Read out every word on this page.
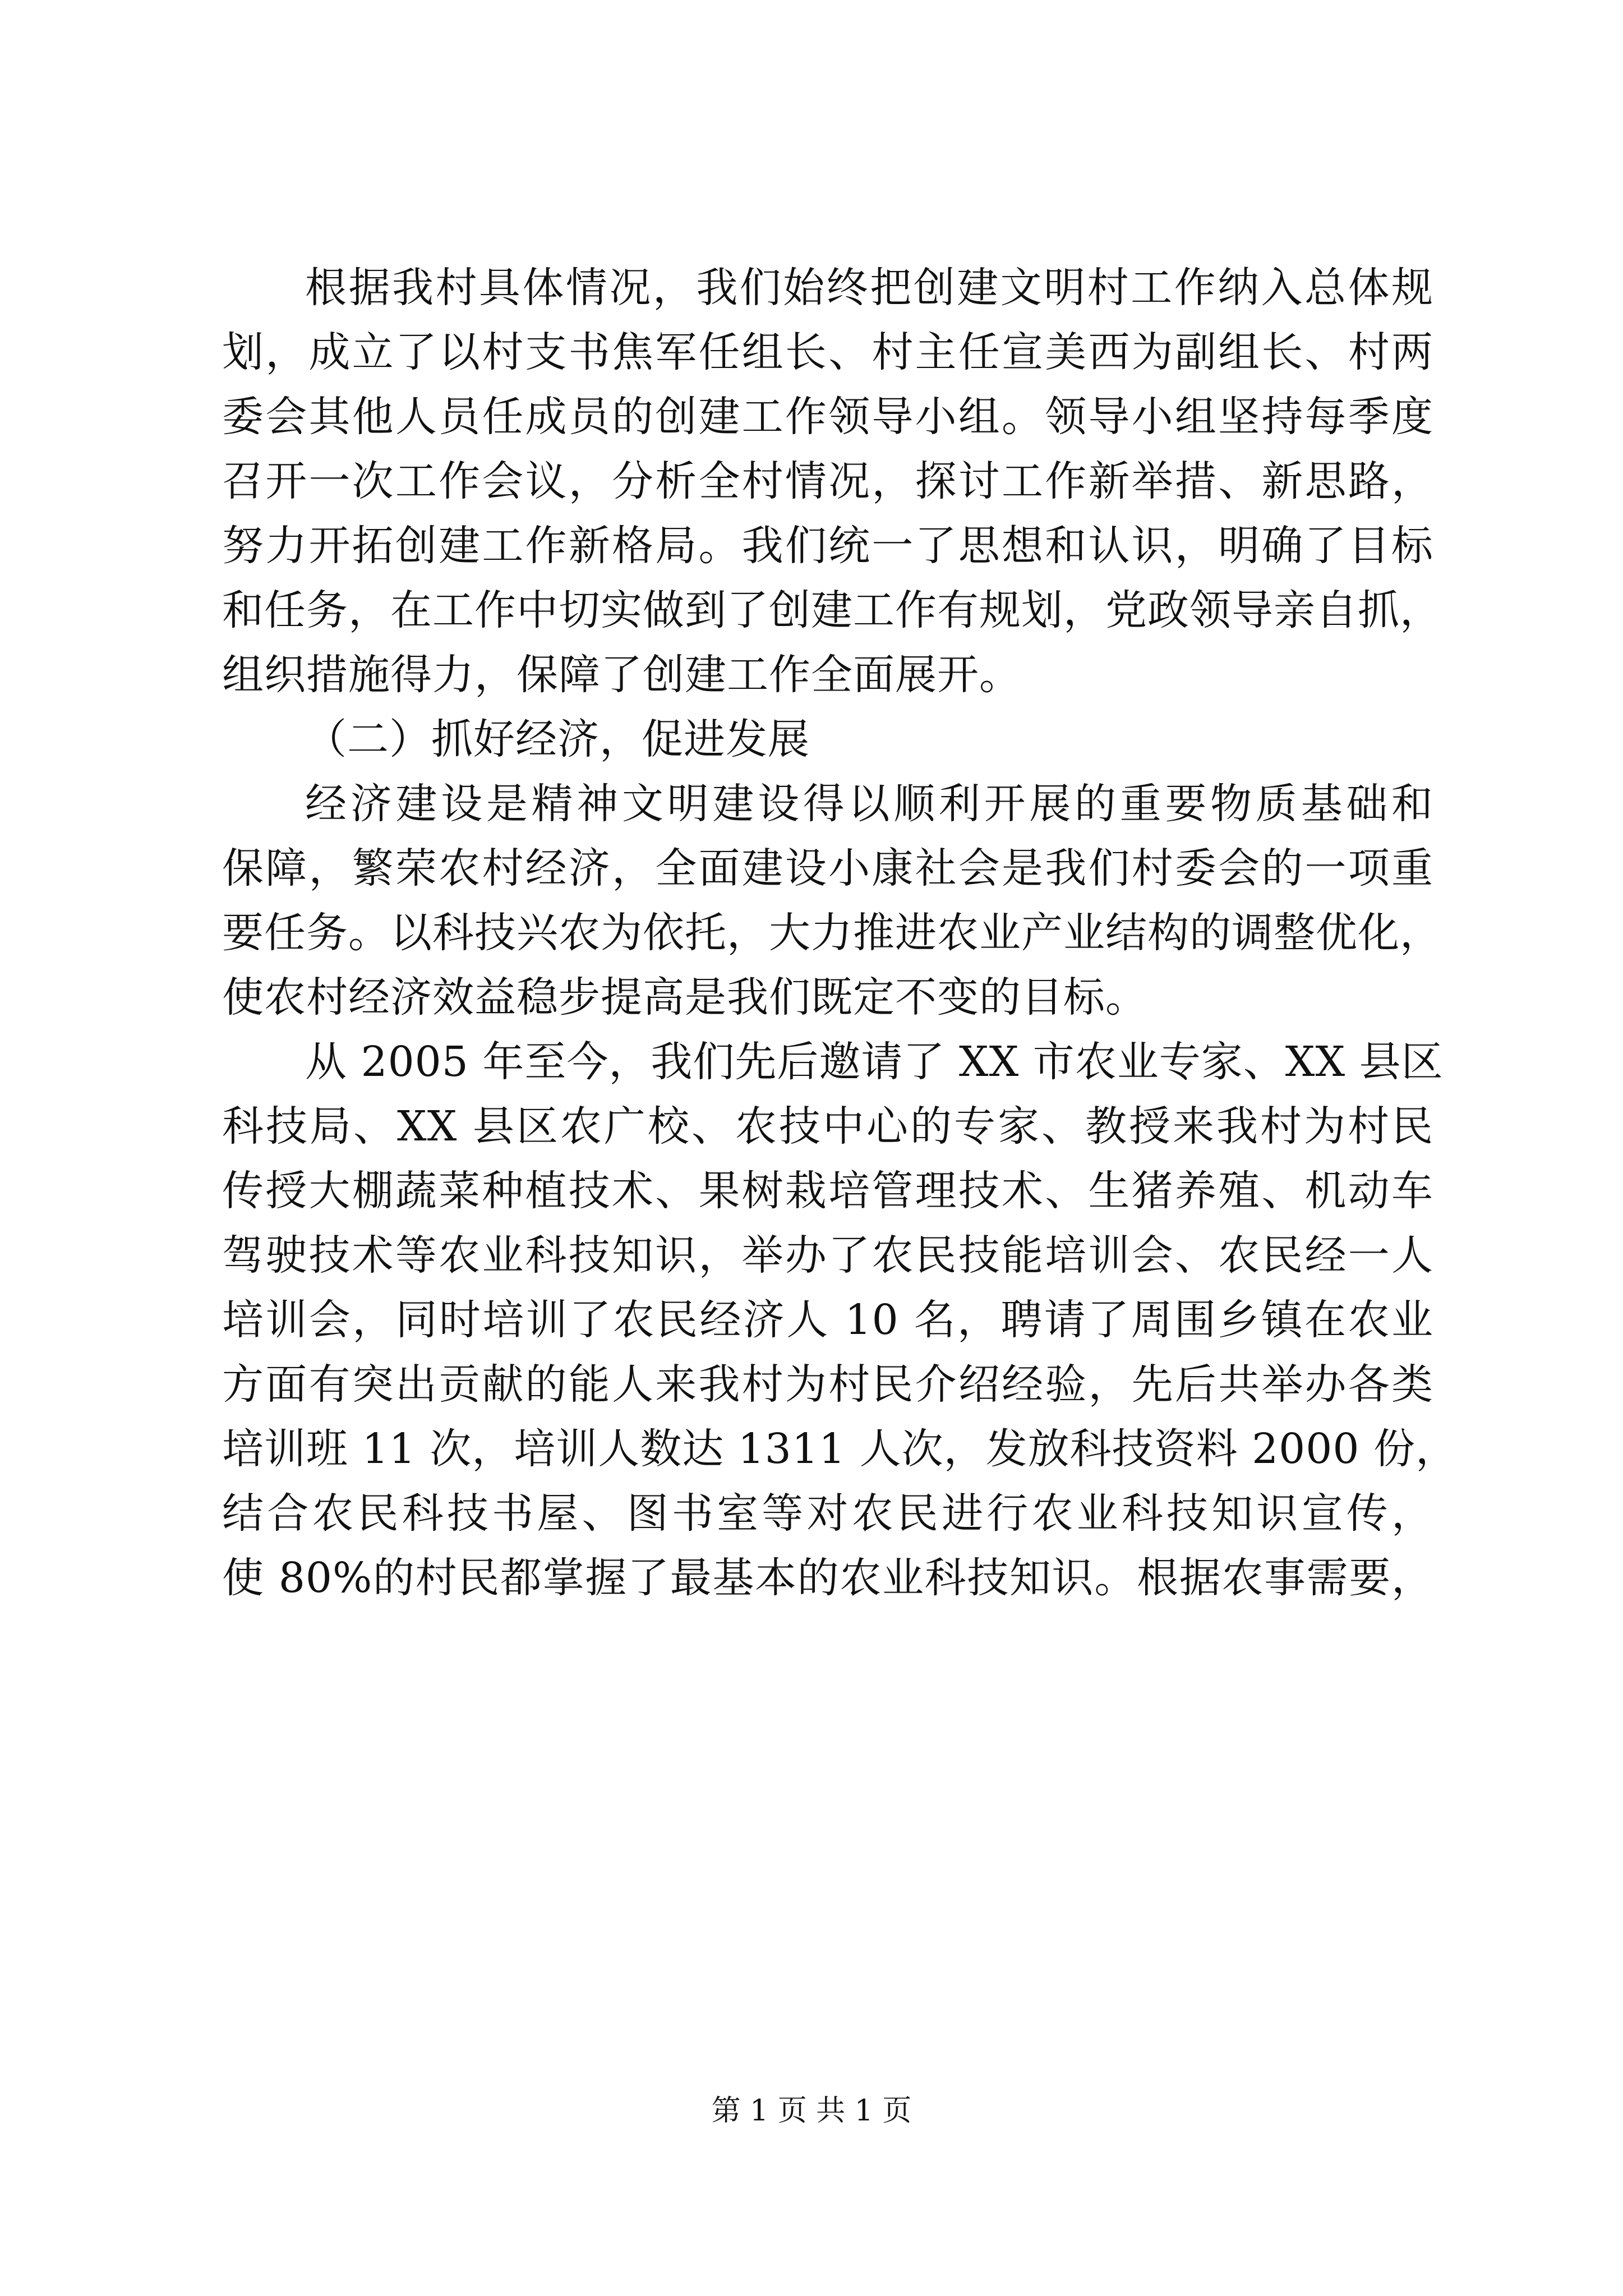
根据我村具体情况，我们始终把创建文明村工作纳入总体规
划，成立了以村支书焦军任组长、村主任宣美西为副组长、村两
委会其他人员任成员的创建工作领导小组。领导小组坚持每季度
召开一次工作会议，分析全村情况，探讨工作新举措、新思路，
努力开拓创建工作新格局。我们统一了思想和认识，明确了目标
和任务，在工作中切实做到了创建工作有规划，党政领导亲自抓，
组织措施得力，保障了创建工作全面展开。
（二）抓好经济，促进发展
经济建设是精神文明建设得以顺利开展的重要物质基础和
保障，繁荣农村经济，全面建设小康社会是我们村委会的一项重
要任务。以科技兴农为依托，大力推进农业产业结构的调整优化，
使农村经济效益稳步提高是我们既定不变的目标。
从 2005 年至今，我们先后邀请了 XX 市农业专家、XX 县区
科技局、XX 县区农广校、农技中心的专家、教授来我村为村民
传授大棚蔬菜种植技术、果树栽培管理技术、生猪养殖、机动车
驾驶技术等农业科技知识，举办了农民技能培训会、农民经一人
培训会，同时培训了农民经济人 10 名，聘请了周围乡镇在农业
方面有突出贡献的能人来我村为村民介绍经验，先后共举办各类
培训班 11 次，培训人数达 1311 人次，发放科技资料 2000 份，
结合农民科技书屋、图书室等对农民进行农业科技知识宣传，
使 80%的村民都掌握了最基本的农业科技知识。根据农事需要，
第 1 页 共 1 页
